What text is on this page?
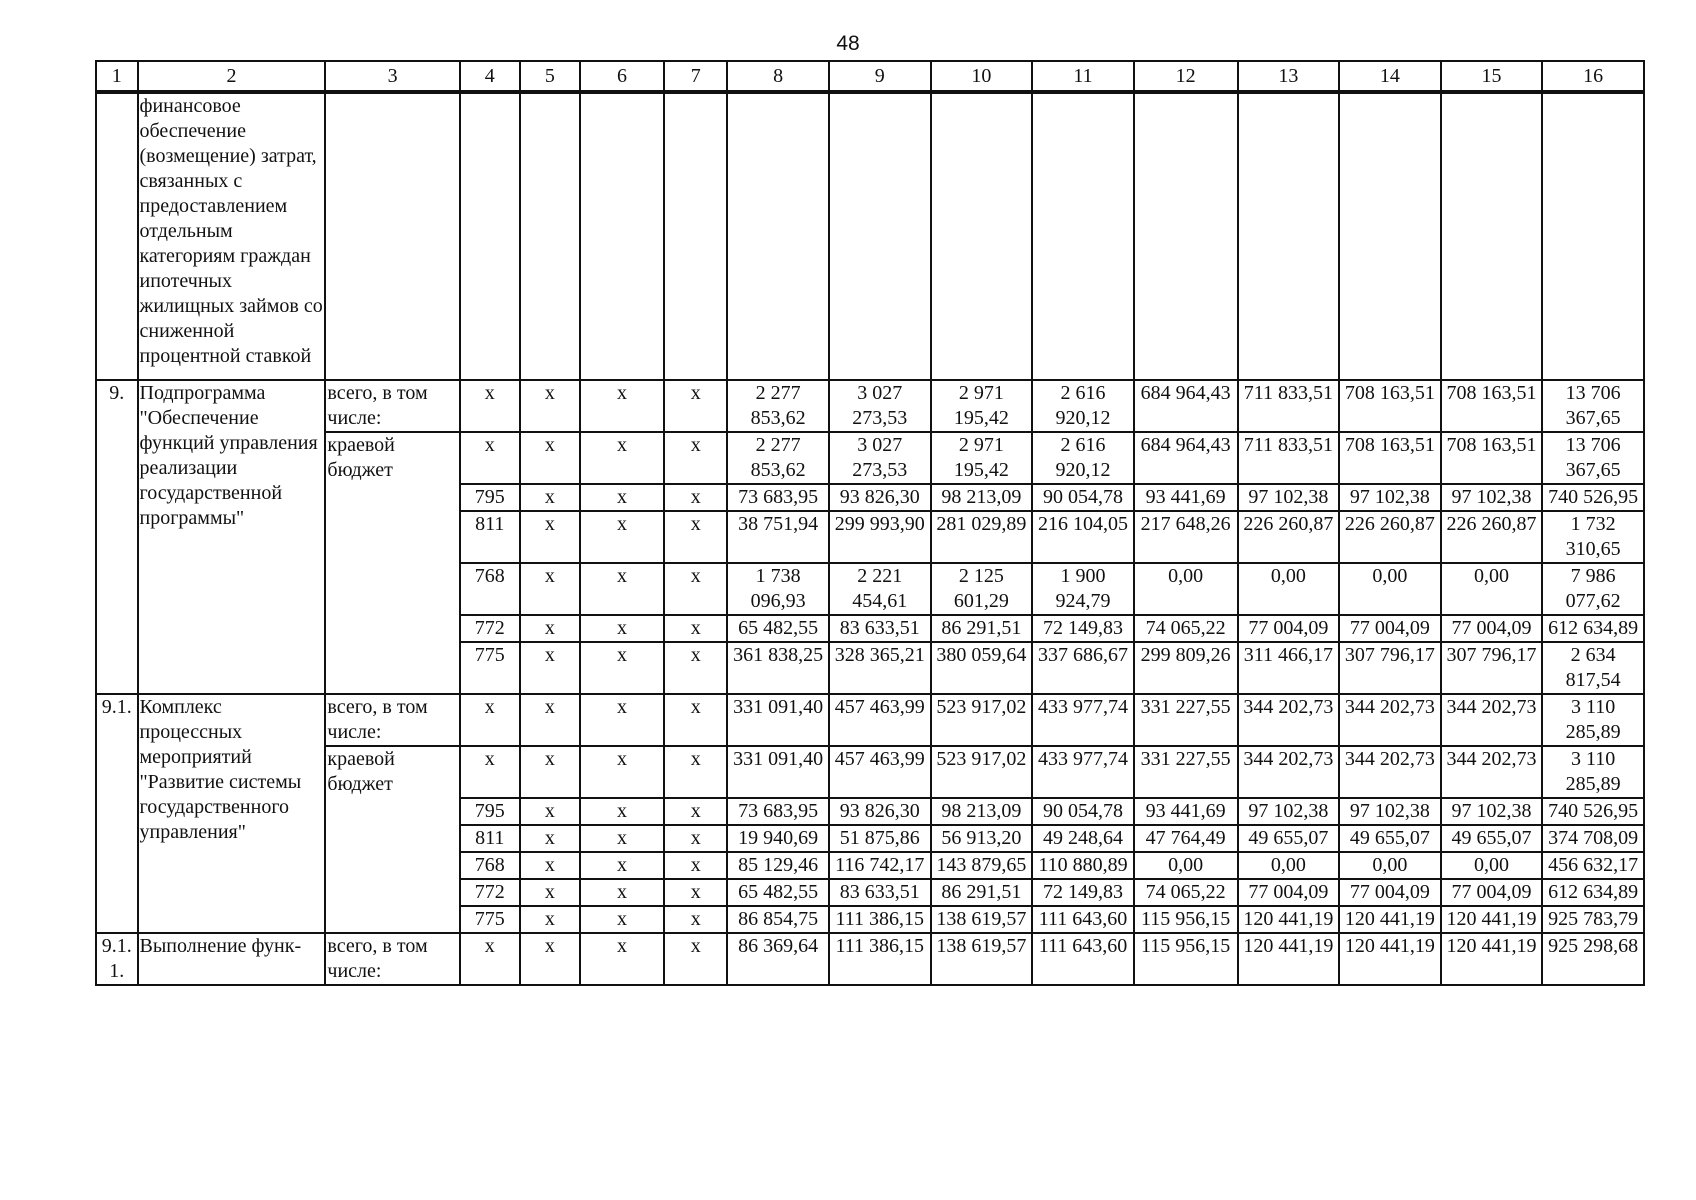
48
1	2	3	4	5	6	7	8	9	10	11	12	13	14	15	16
	финансовое обеспечение (возмещение) затрат, связанных с предоставлением отдельным категориям граждан ипотечных жилищных займов со сниженной процентной ставкой														
9.	Подпрограмма "Обеспечение функций управления реализации государственной программы"	всего, в том числе:	х	х	х	х	2 277 853,62	3 027 273,53	2 971 195,42	2 616 920,12	684 964,43	711 833,51	708 163,51	708 163,51	13 706 367,65
		краевой бюджет	х	х	х	х	2 277 853,62	3 027 273,53	2 971 195,42	2 616 920,12	684 964,43	711 833,51	708 163,51	708 163,51	13 706 367,65
			795	х	х	х	73 683,95	93 826,30	98 213,09	90 054,78	93 441,69	97 102,38	97 102,38	97 102,38	740 526,95
			811	х	х	х	38 751,94	299 993,90	281 029,89	216 104,05	217 648,26	226 260,87	226 260,87	226 260,87	1 732 310,65
			768	х	х	х	1 738 096,93	2 221 454,61	2 125 601,29	1 900 924,79	0,00	0,00	0,00	0,00	7 986 077,62
			772	х	х	х	65 482,55	83 633,51	86 291,51	72 149,83	74 065,22	77 004,09	77 004,09	77 004,09	612 634,89
			775	х	х	х	361 838,25	328 365,21	380 059,64	337 686,67	299 809,26	311 466,17	307 796,17	307 796,17	2 634 817,54
9.1.	Комплекс процессных мероприятий "Развитие системы государственного управления"	всего, в том числе:	х	х	х	х	331 091,40	457 463,99	523 917,02	433 977,74	331 227,55	344 202,73	344 202,73	344 202,73	3 110 285,89
		краевой бюджет	х	х	х	х	331 091,40	457 463,99	523 917,02	433 977,74	331 227,55	344 202,73	344 202,73	344 202,73	3 110 285,89
			795	х	х	х	73 683,95	93 826,30	98 213,09	90 054,78	93 441,69	97 102,38	97 102,38	97 102,38	740 526,95
			811	х	х	х	19 940,69	51 875,86	56 913,20	49 248,64	47 764,49	49 655,07	49 655,07	49 655,07	374 708,09
			768	х	х	х	85 129,46	116 742,17	143 879,65	110 880,89	0,00	0,00	0,00	0,00	456 632,17
			772	х	х	х	65 482,55	83 633,51	86 291,51	72 149,83	74 065,22	77 004,09	77 004,09	77 004,09	612 634,89
			775	х	х	х	86 854,75	111 386,15	138 619,57	111 643,60	115 956,15	120 441,19	120 441,19	120 441,19	925 783,79
9.1.1.	Выполнение функ-	всего, в том числе:	х	х	х	х	86 369,64	111 386,15	138 619,57	111 643,60	115 956,15	120 441,19	120 441,19	120 441,19	925 298,68
